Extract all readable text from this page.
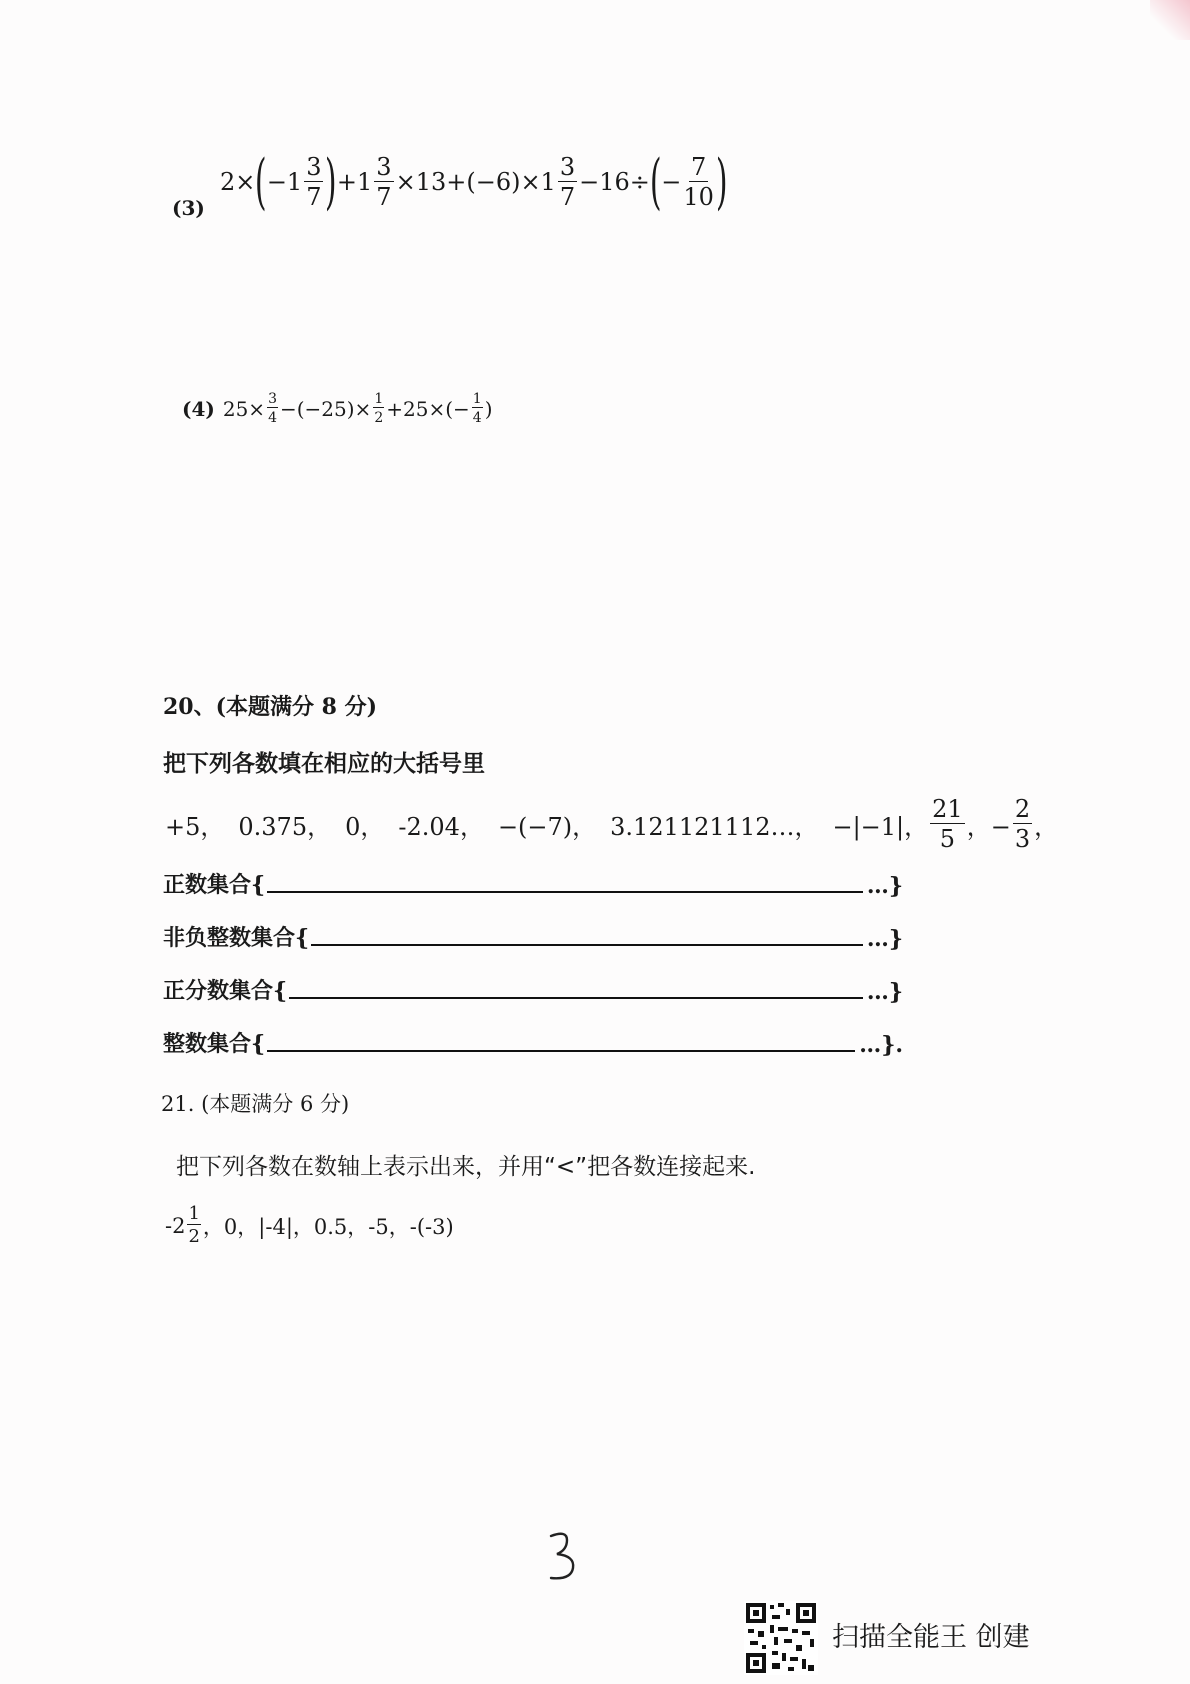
(3)
2× ( $-1 \frac{3}{7}$ ) $+1 \frac{3}{7} \times 13+ (-6)\times 1 \frac{3}{7} -16\div$ ( − $\frac{7}{10}$ )
(4) $25\times \frac{3}{4} -(-25)\times \frac{1}{2} +25\times(- \frac{1}{4}$ )
20、(本题满分 8 分)
把下列各数填在相应的大括号里
+5， 0.375， 0， -2.04， −(−7)， 3.121121112…， −|−1|， $\frac{21}{5}$ ，− $\frac{2}{3}$ ，
正数集合{	…}
非负整数集合{	…}
正分数集合{	…}
整数集合{	…}.
21. (本题满分 6 分)
把下列各数在数轴上表示出来，并用“<”把各数连接起来.
$-2 \frac{1}{2}$ ，0，|-4|，0.5，-5，-(-3)
扫描全能王 创建
